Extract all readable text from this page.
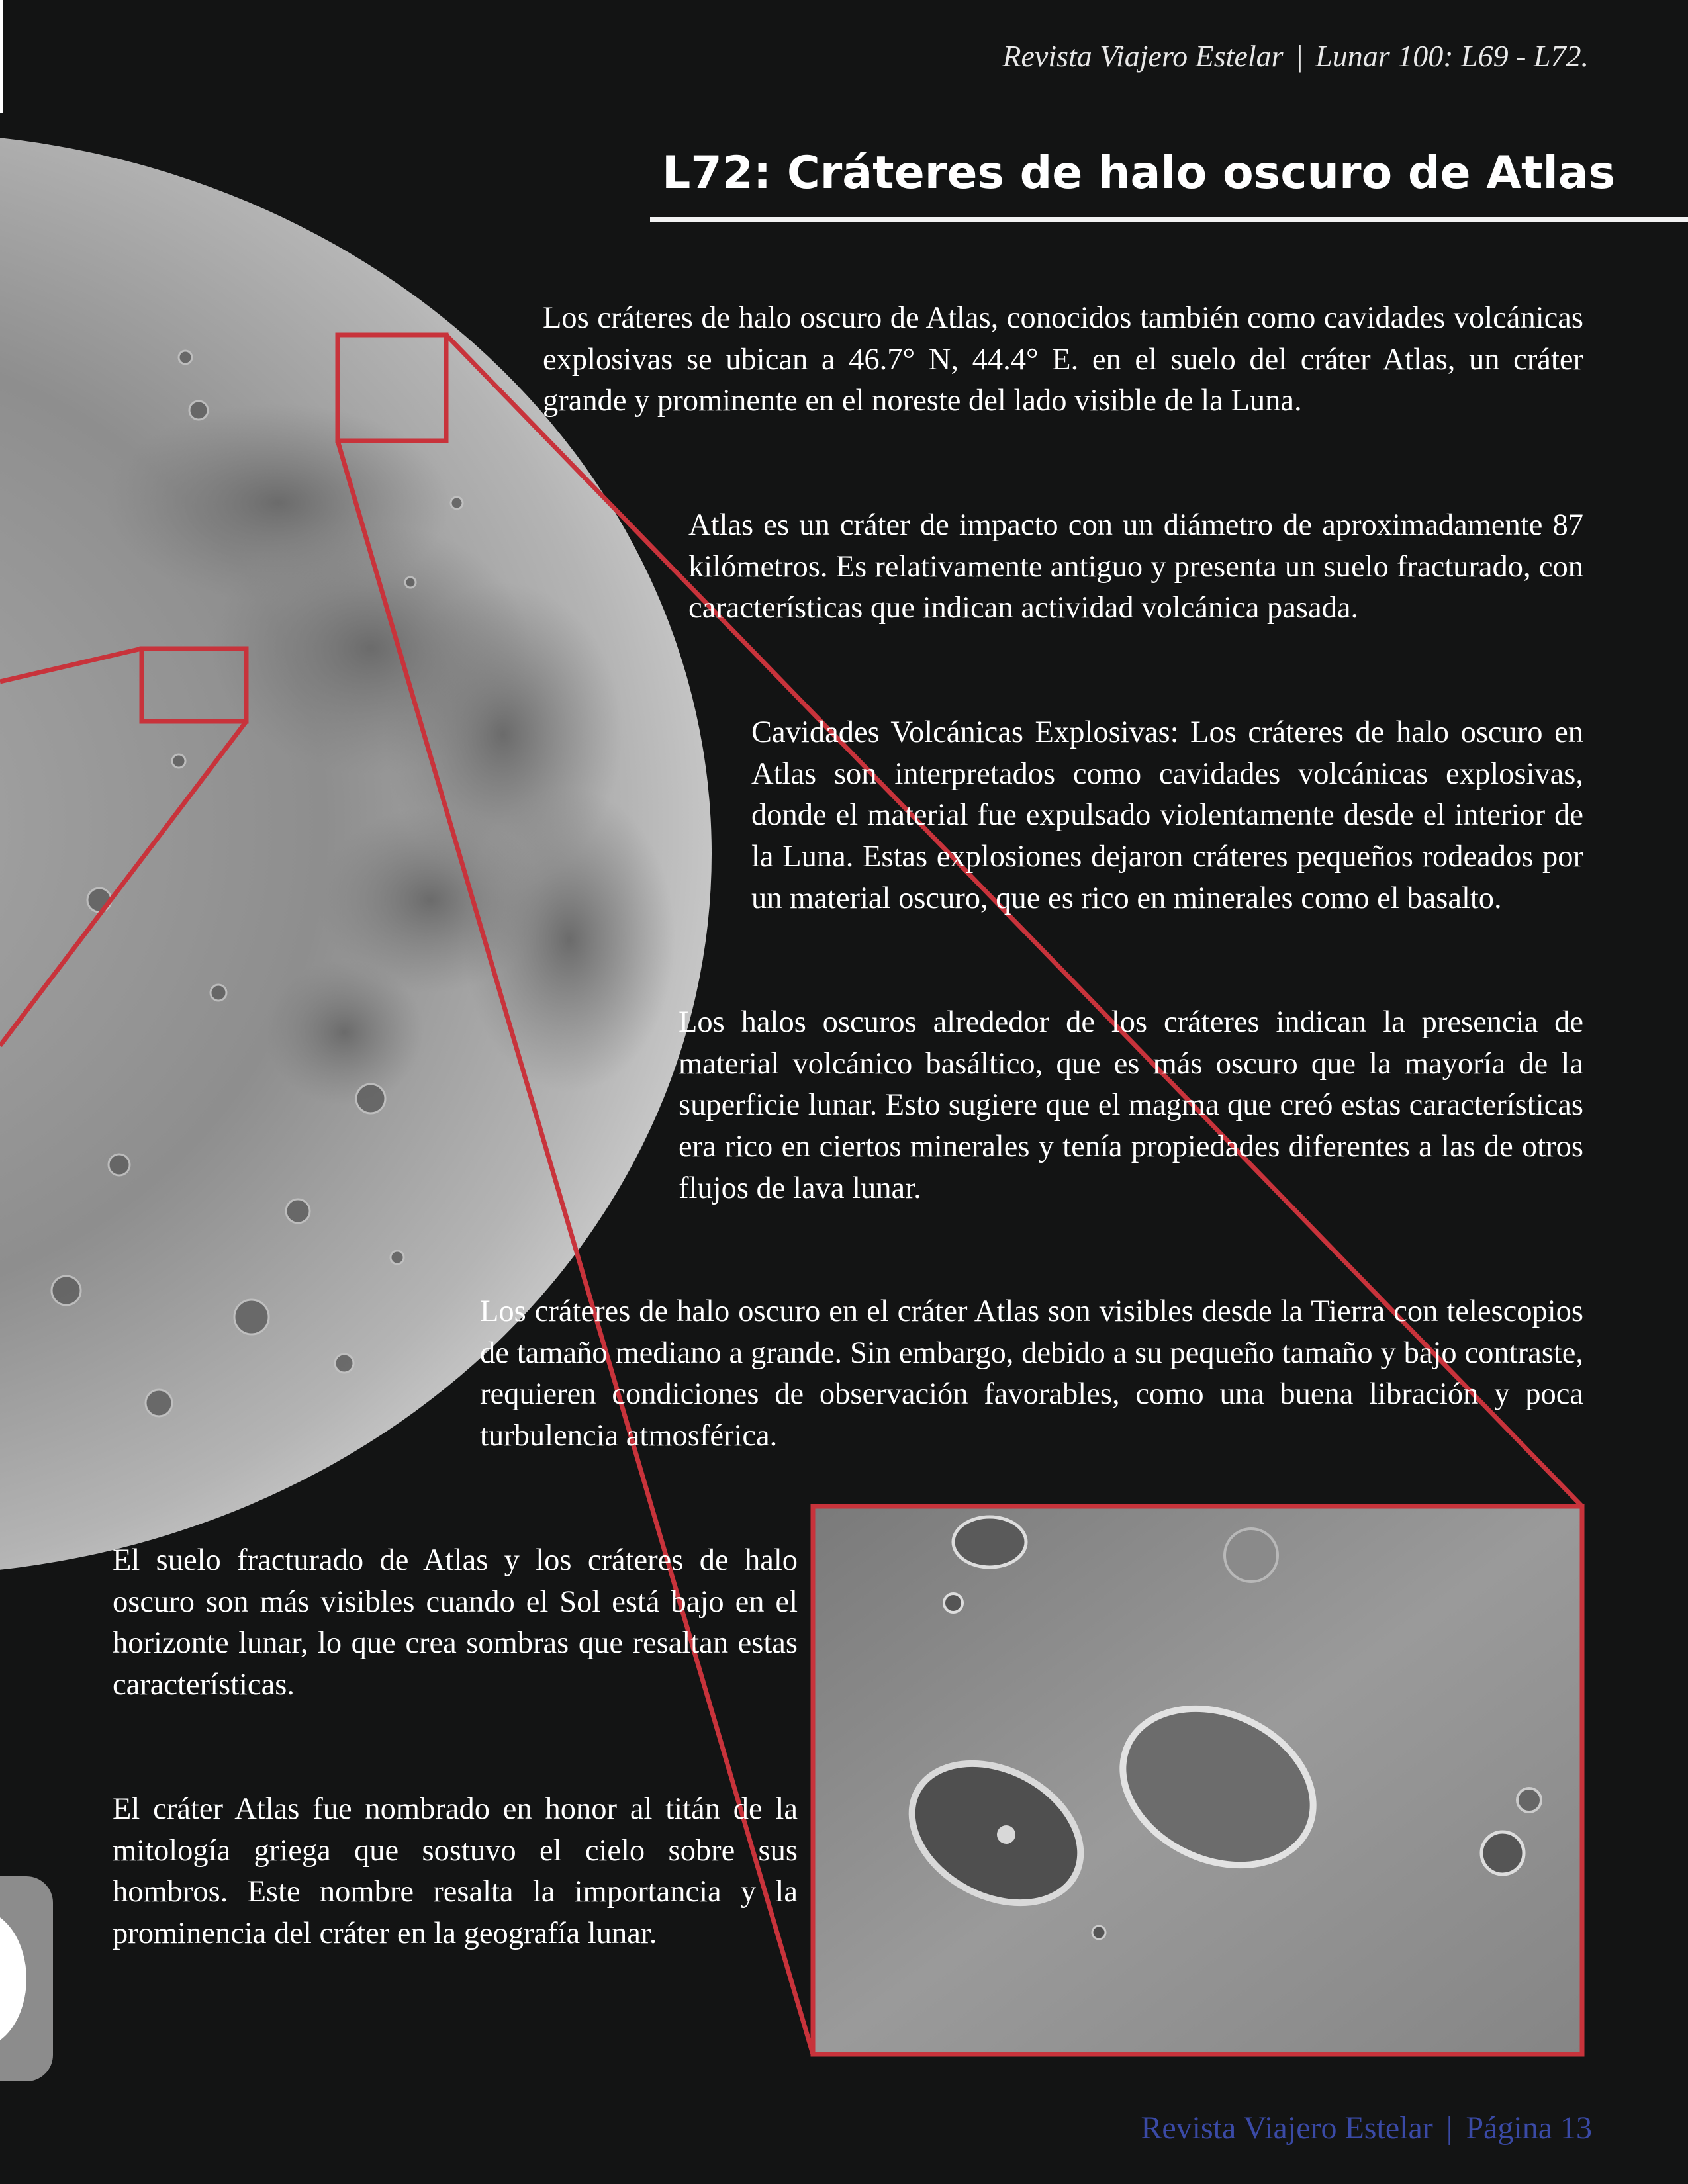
Revista Viajero Estelar | Lunar 100: L69 - L72.
L72: Cráteres de halo oscuro de Atlas

Los cráteres de halo oscuro de Atlas, conocidos también como cavidades volcánicas explosivas se ubican a 46.7° N, 44.4° E. en el suelo del cráter Atlas, un cráter grande y prominente en el noreste del lado visible de la Luna.

Atlas es un cráter de impacto con un diámetro de aproximadamente 87 kilómetros. Es relativamente antiguo y presenta un suelo fracturado, con características que indican actividad volcánica pasada.

Cavidades Volcánicas Explosivas: Los cráteres de halo oscuro en Atlas son interpretados como cavidades volcánicas explosivas, donde el material fue expulsado violentamente desde el interior de la Luna. Estas explosiones dejaron cráteres pequeños rodeados por un material oscuro, que es rico en minerales como el basalto.

Los halos oscuros alrededor de los cráteres indican la presencia de material volcánico basáltico, que es más oscuro que la mayoría de la superficie lunar. Esto sugiere que el magma que creó estas características era rico en ciertos minerales y tenía propiedades diferentes a las de otros flujos de lava lunar.

Los cráteres de halo oscuro en el cráter Atlas son visibles desde la Tierra con telescopios de tamaño mediano a grande. Sin embargo, debido a su pequeño tamaño y bajo contraste, requieren condiciones de observación favorables, como una buena libración y poca turbulencia atmosférica.

El suelo fracturado de Atlas y los cráteres de halo oscuro son más visibles cuando el Sol está bajo en el horizonte lunar, lo que crea sombras que resaltan estas características.

El cráter Atlas fue nombrado en honor al titán de la mitología griega que sostuvo el cielo sobre sus hombros. Este nombre resalta la importancia y la prominencia del cráter en la geografía lunar.

Revista Viajero Estelar | Página 13
